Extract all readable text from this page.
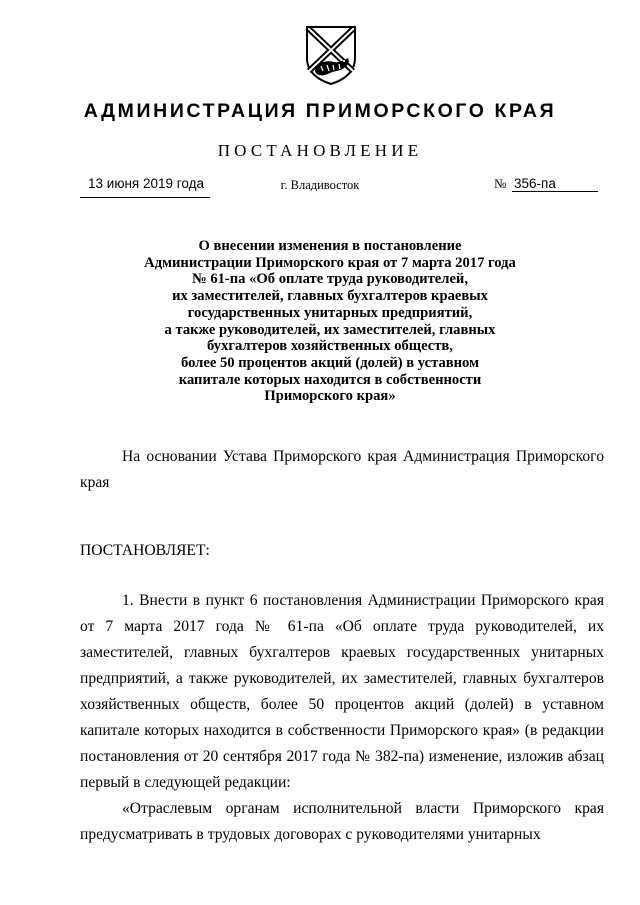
АДМИНИСТРАЦИЯ ПРИМОРСКОГО КРАЯ
ПОСТАНОВЛЕНИЕ
13 июня 2019 года	г. Владивосток	№ 356-па
О внесении изменения в постановление
Администрации Приморского края от 7 марта 2017 года
№ 61-па «Об оплате труда руководителей,
их заместителей, главных бухгалтеров краевых
государственных унитарных предприятий,
а также руководителей, их заместителей, главных
бухгалтеров хозяйственных обществ,
более 50 процентов акций (долей) в уставном
капитале которых находится в собственности
Приморского края»
На основании Устава Приморского края Администрация Приморского края
ПОСТАНОВЛЯЕТ:
1. Внести в пункт 6 постановления Администрации Приморского края от 7 марта 2017 года № 61-па «Об оплате труда руководителей, их заместителей, главных бухгалтеров краевых государственных унитарных предприятий, а также руководителей, их заместителей, главных бухгалтеров хозяйственных обществ, более 50 процентов акций (долей) в уставном капитале которых находится в собственности Приморского края» (в редакции постановления от 20 сентября 2017 года № 382-па) изменение, изложив абзац первый в следующей редакции:
«Отраслевым органам исполнительной власти Приморского края предусматривать в трудовых договорах с руководителями унитарных
